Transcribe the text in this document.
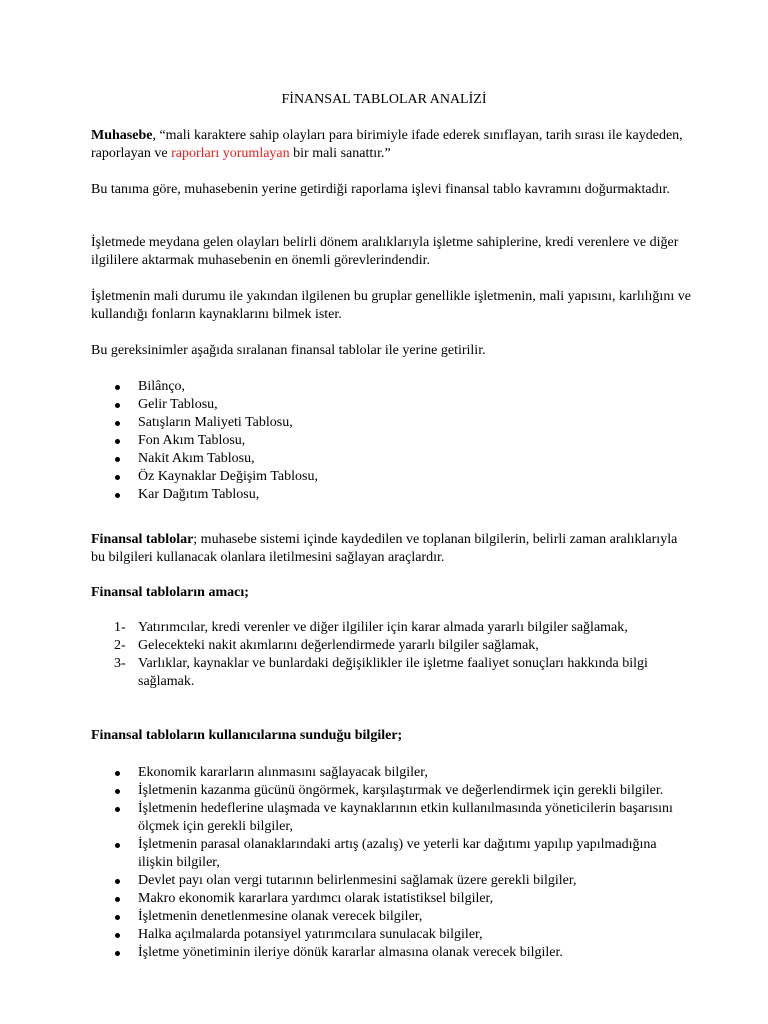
FİNANSAL TABLOLAR ANALİZİ

Muhasebe, “mali karaktere sahip olayları para birimiyle ifade ederek sınıflayan, tarih sırası ile kaydeden, raporlayan ve raporları yorumlayan bir mali sanattır.”

Bu tanıma göre, muhasebenin yerine getirdiği raporlama işlevi finansal tablo kavramını doğurmaktadır.

İşletmede meydana gelen olayları belirli dönem aralıklarıyla işletme sahiplerine, kredi verenlere ve diğer ilgililere aktarmak muhasebenin en önemli görevlerindendir.

İşletmenin mali durumu ile yakından ilgilenen bu gruplar genellikle işletmenin, mali yapısını, karlılığını ve kullandığı fonların kaynaklarını bilmek ister.

Bu gereksinimler aşağıda sıralanan finansal tablolar ile yerine getirilir.

Bilânço,
Gelir Tablosu,
Satışların Maliyeti Tablosu,
Fon Akım Tablosu,
Nakit Akım Tablosu,
Öz Kaynaklar Değişim Tablosu,
Kar Dağıtım Tablosu,

Finansal tablolar; muhasebe sistemi içinde kaydedilen ve toplanan bilgilerin, belirli zaman aralıklarıyla bu bilgileri kullanacak olanlara iletilmesini sağlayan araçlardır.

Finansal tabloların amacı;

1- Yatırımcılar, kredi verenler ve diğer ilgililer için karar almada yararlı bilgiler sağlamak,
2- Gelecekteki nakit akımlarını değerlendirmede yararlı bilgiler sağlamak,
3- Varlıklar, kaynaklar ve bunlardaki değişiklikler ile işletme faaliyet sonuçları hakkında bilgi sağlamak.

Finansal tabloların kullanıcılarına sunduğu bilgiler;

Ekonomik kararların alınmasını sağlayacak bilgiler,
İşletmenin kazanma gücünü öngörmek, karşılaştırmak ve değerlendirmek için gerekli bilgiler.
İşletmenin hedeflerine ulaşmada ve kaynaklarının etkin kullanılmasında yöneticilerin başarısını ölçmek için gerekli bilgiler,
İşletmenin parasal olanaklarındaki artış (azalış) ve yeterli kar dağıtımı yapılıp yapılmadığına ilişkin bilgiler,
Devlet payı olan vergi tutarının belirlenmesini sağlamak üzere gerekli bilgiler,
Makro ekonomik kararlara yardımcı olarak istatistiksel bilgiler,
İşletmenin denetlenmesine olanak verecek bilgiler,
Halka açılmalarda potansiyel yatırımcılara sunulacak bilgiler,
İşletme yönetiminin ileriye dönük kararlar almasına olanak verecek bilgiler.
